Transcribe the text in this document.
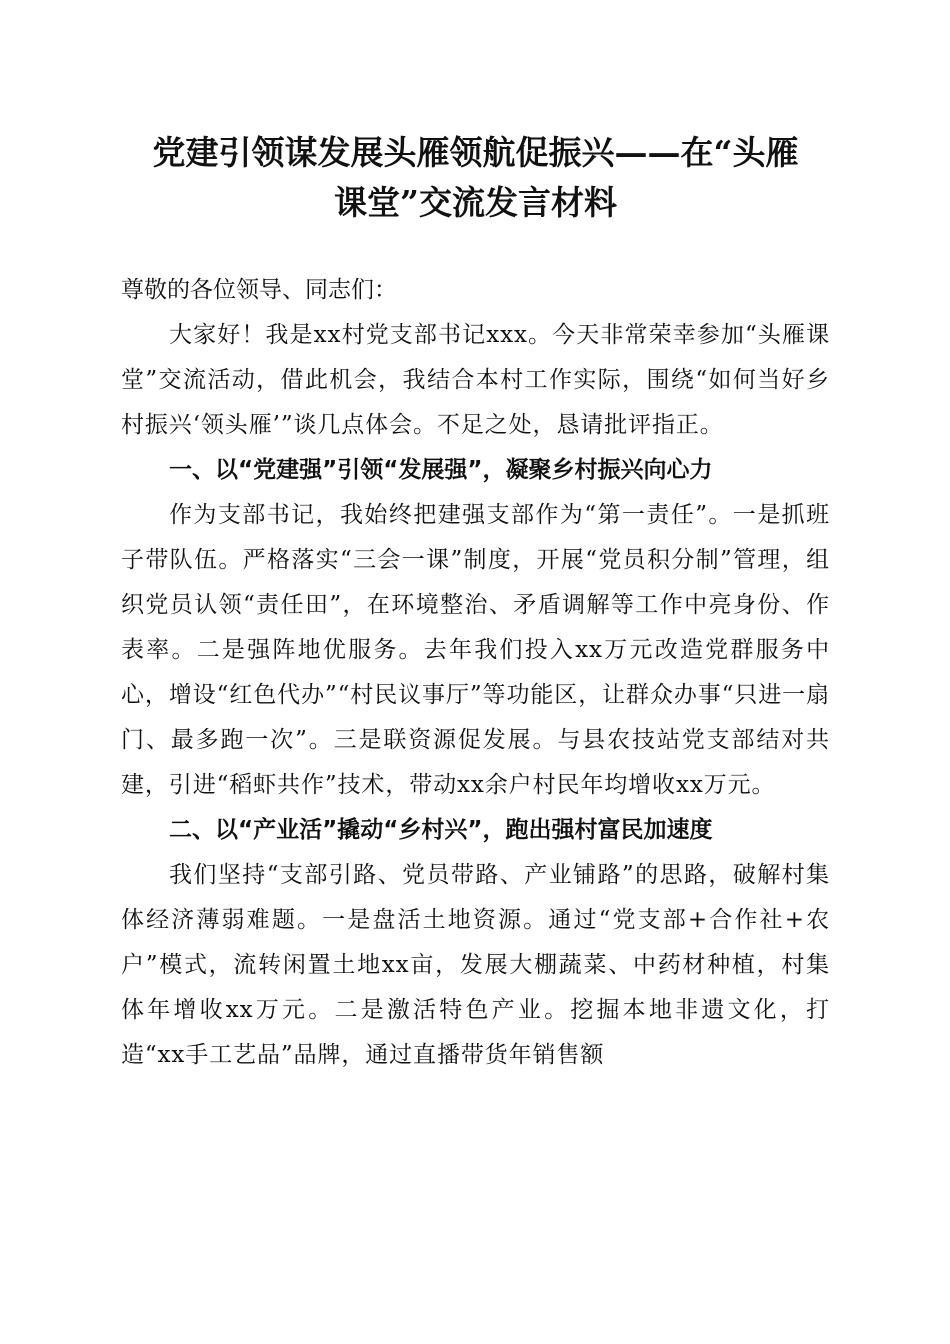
党建引领谋发展头雁领航促振兴——在“头雁
课堂”交流发言材料

尊敬的各位领导、同志们：

大家好！我是xx村党支部书记xxx。今天非常荣幸参加“头雁课堂”交流活动，借此机会，我结合本村工作实际，围绕“如何当好乡村振兴‘领头雁’”谈几点体会。不足之处，恳请批评指正。

一、以“党建强”引领“发展强”，凝聚乡村振兴向心力

作为支部书记，我始终把建强支部作为“第一责任”。一是抓班子带队伍。严格落实“三会一课”制度，开展“党员积分制”管理，组织党员认领“责任田”，在环境整治、矛盾调解等工作中亮身份、作表率。二是强阵地优服务。去年我们投入xx万元改造党群服务中心，增设“红色代办”“村民议事厅”等功能区，让群众办事“只进一扇门、最多跑一次”。三是联资源促发展。与县农技站党支部结对共建，引进“稻虾共作”技术，带动xx余户村民年均增收xx万元。

二、以“产业活”撬动“乡村兴”，跑出强村富民加速度

我们坚持“支部引路、党员带路、产业铺路”的思路，破解村集体经济薄弱难题。一是盘活土地资源。通过“党支部+合作社+农户”模式，流转闲置土地xx亩，发展大棚蔬菜、中药材种植，村集体年增收xx万元。二是激活特色产业。挖掘本地非遗文化，打造“xx手工艺品”品牌，通过直播带货年销售额
